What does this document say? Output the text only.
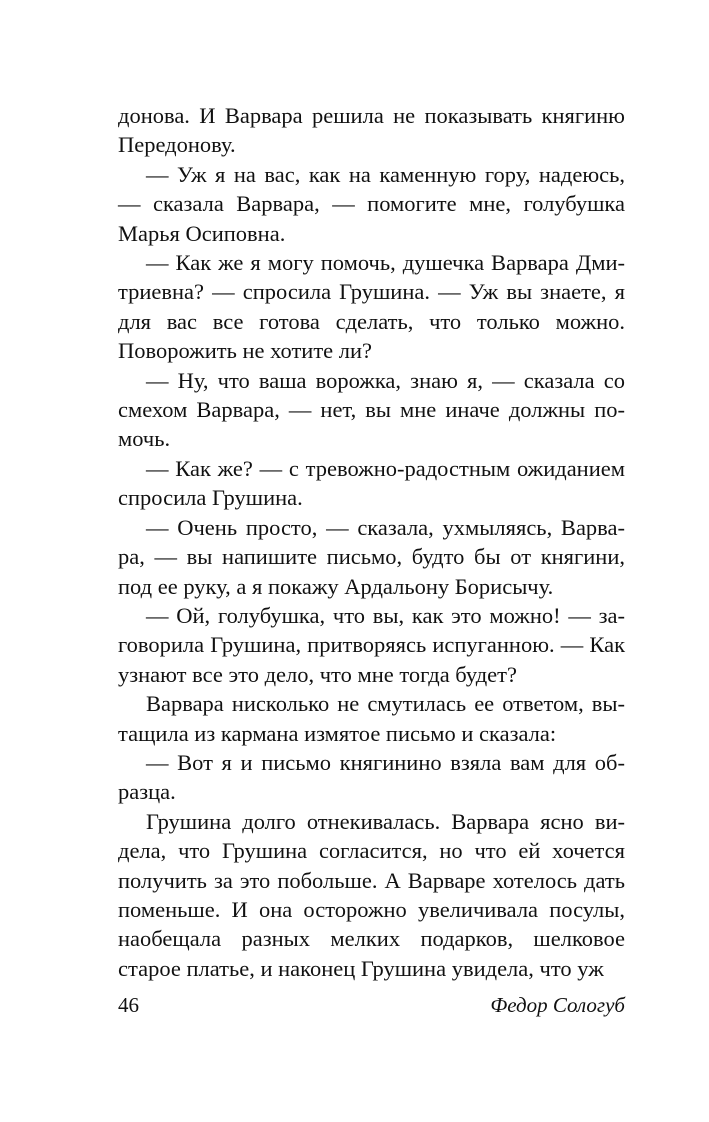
донова. И Варвара решила не показывать княгиню Передонову.

— Уж я на вас, как на каменную гору, надеюсь, — сказала Варвара, — помогите мне, голубушка Марья Осиповна.

— Как же я могу помочь, душечка Варвара Дмитриевна? — спросила Грушина. — Уж вы знаете, я для вас все готова сделать, что только можно. Поворожить не хотите ли?

— Ну, что ваша ворожка, знаю я, — сказала со смехом Варвара, — нет, вы мне иначе должны помочь.

— Как же? — с тревожно-радостным ожиданием спросила Грушина.

— Очень просто, — сказала, ухмыляясь, Варвара, — вы напишите письмо, будто бы от княгини, под ее руку, а я покажу Ардальону Борисычу.

— Ой, голубушка, что вы, как это можно! — заговорила Грушина, притворяясь испуганною. — Как узнают все это дело, что мне тогда будет?

Варвара нисколько не смутилась ее ответом, вытащила из кармана измятое письмо и сказала:

— Вот я и письмо княгинино взяла вам для образца.

Грушина долго отнекивалась. Варвара ясно видела, что Грушина согласится, но что ей хочется получить за это побольше. А Варваре хотелось дать поменьше. И она осторожно увеличивала посулы, наобещала разных мелких подарков, шелковое старое платье, и наконец Грушина увидела, что уж

46	Федор Сологуб
